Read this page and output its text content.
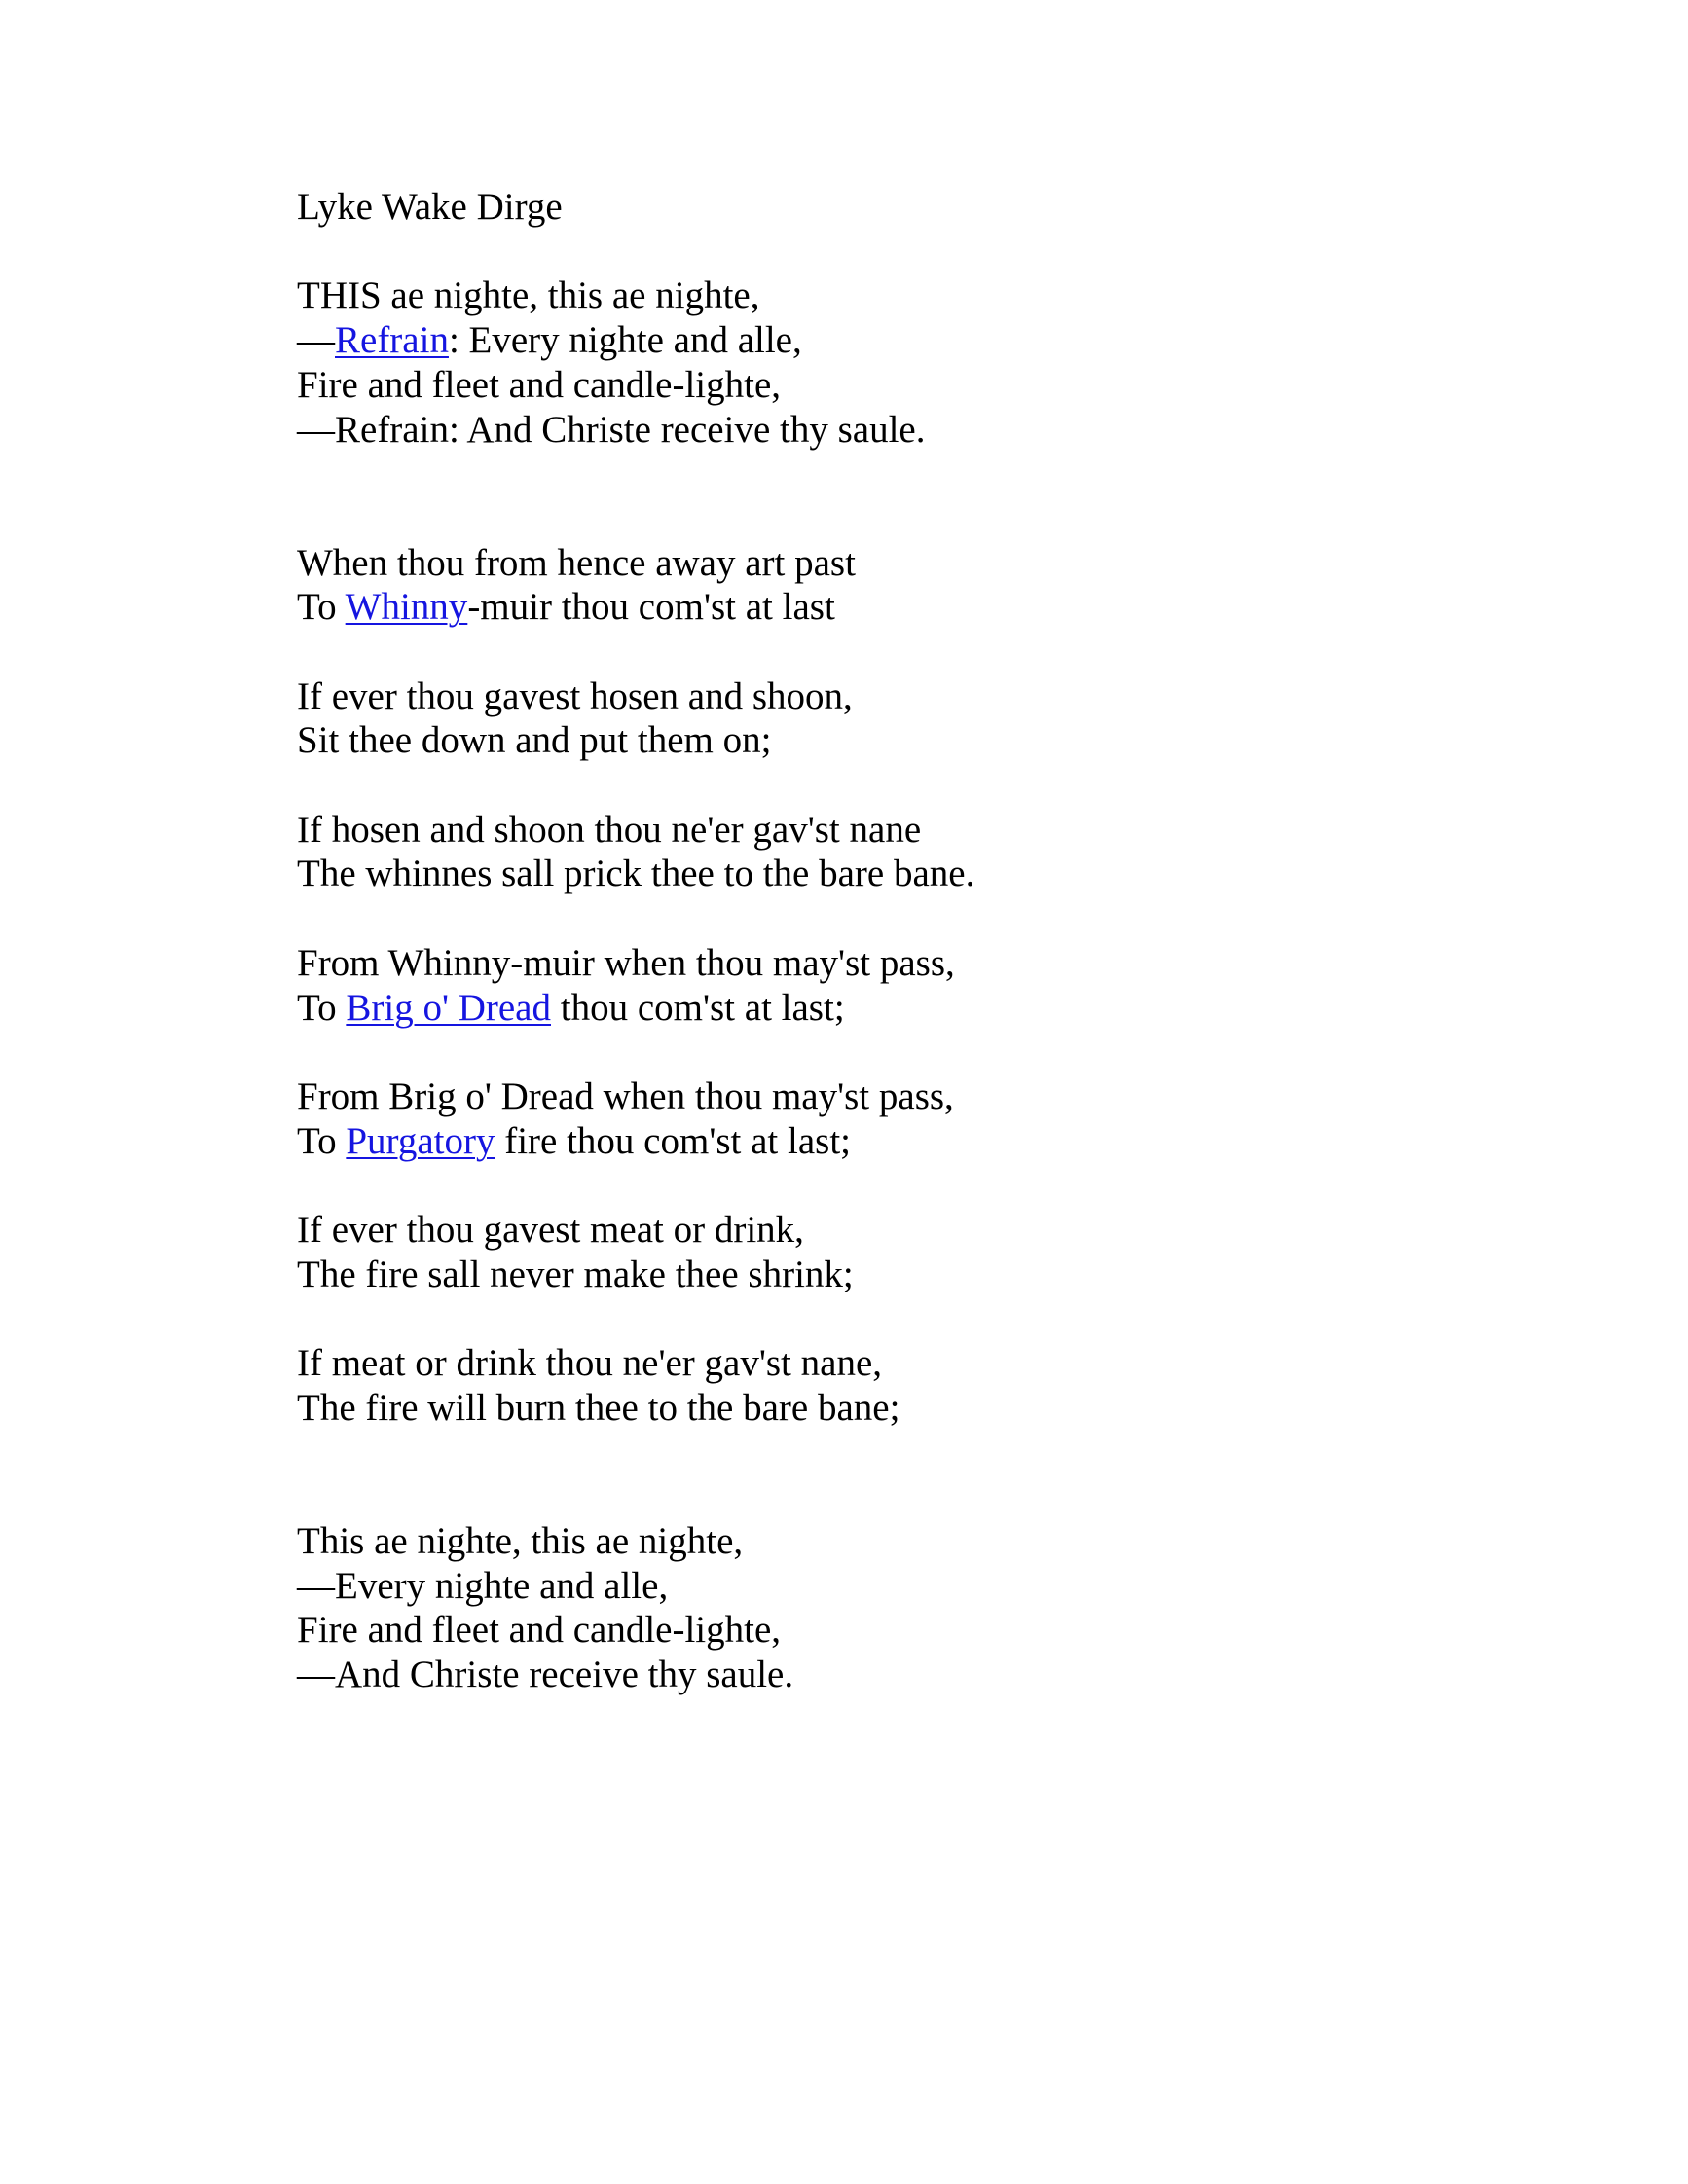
Lyke Wake Dirge
THIS ae nighte, this ae nighte,
—Refrain: Every nighte and alle,
Fire and fleet and candle-lighte,
—Refrain: And Christe receive thy saule.
When thou from hence away art past
To Whinny-muir thou com'st at last
If ever thou gavest hosen and shoon,
Sit thee down and put them on;
If hosen and shoon thou ne'er gav'st nane
The whinnes sall prick thee to the bare bane.
From Whinny-muir when thou may'st pass,
To Brig o' Dread thou com'st at last;
From Brig o' Dread when thou may'st pass,
To Purgatory fire thou com'st at last;
If ever thou gavest meat or drink,
The fire sall never make thee shrink;
If meat or drink thou ne'er gav'st nane,
The fire will burn thee to the bare bane;
This ae nighte, this ae nighte,
—Every nighte and alle,
Fire and fleet and candle-lighte,
—And Christe receive thy saule.
